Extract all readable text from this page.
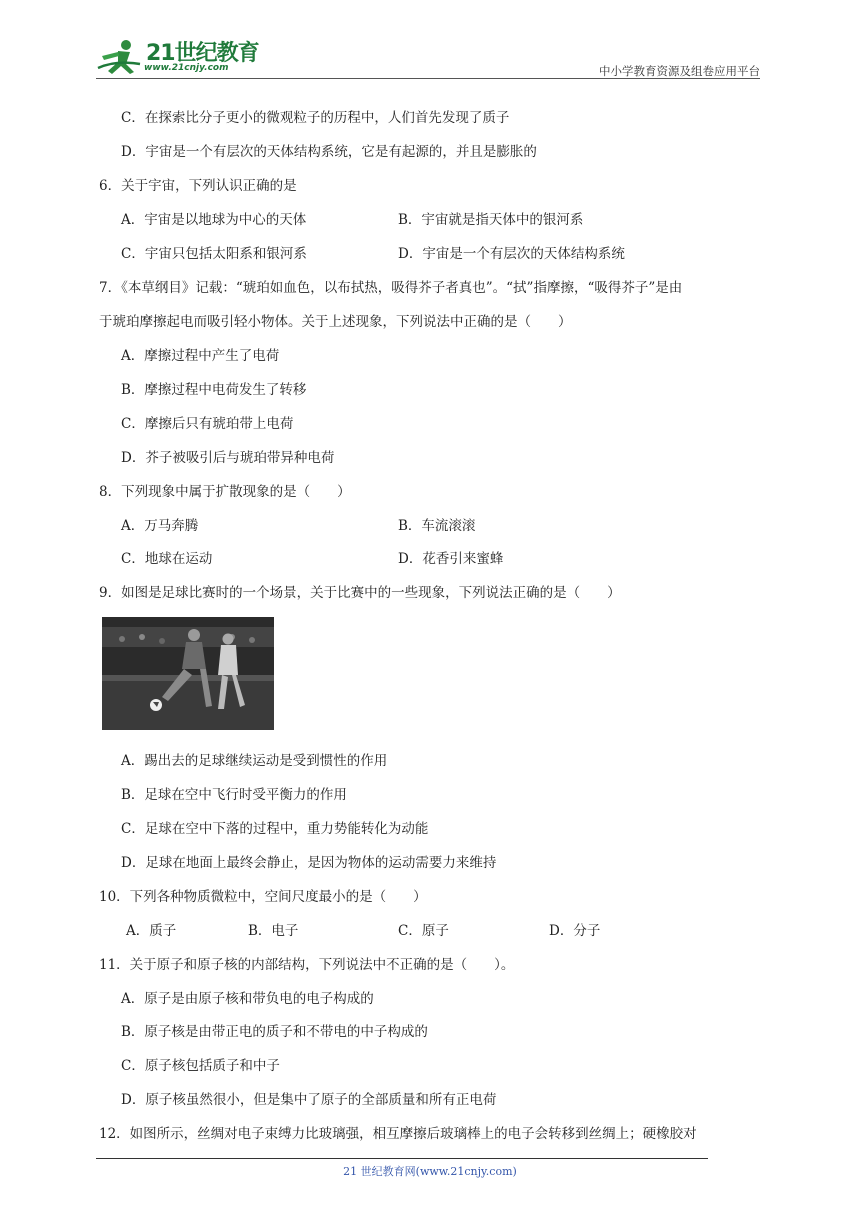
21世纪教育
www.21cnjy.com	中小学教育资源及组卷应用平台
C．在探索比分子更小的微观粒子的历程中，人们首先发现了质子
D．宇宙是一个有层次的天体结构系统，它是有起源的，并且是膨胀的
6．关于宇宙，下列认识正确的是
A．宇宙是以地球为中心的天体	B．宇宙就是指天体中的银河系
C．宇宙只包括太阳系和银河系	D．宇宙是一个有层次的天体结构系统
7．《本草纲目》记载：“琥珀如血色，以布拭热，吸得芥子者真也”。“拭”指摩擦，“吸得芥子”是由
于琥珀摩擦起电而吸引轻小物体。关于上述现象，下列说法中正确的是（　　）
A．摩擦过程中产生了电荷
B．摩擦过程中电荷发生了转移
C．摩擦后只有琥珀带上电荷
D．芥子被吸引后与琥珀带异种电荷
8．下列现象中属于扩散现象的是（　　）
A．万马奔腾	B．车流滚滚
C．地球在运动	D．花香引来蜜蜂
9．如图是足球比赛时的一个场景，关于比赛中的一些现象，下列说法正确的是（　　）
A．踢出去的足球继续运动是受到惯性的作用
B．足球在空中飞行时受平衡力的作用
C．足球在空中下落的过程中，重力势能转化为动能
D．足球在地面上最终会静止，是因为物体的运动需要力来维持
10．下列各种物质微粒中，空间尺度最小的是（　　）
A．质子	B．电子	C．原子	D．分子
11．关于原子和原子核的内部结构，下列说法中不正确的是（　　）。
A．原子是由原子核和带负电的电子构成的
B．原子核是由带正电的质子和不带电的中子构成的
C．原子核包括质子和中子
D．原子核虽然很小，但是集中了原子的全部质量和所有正电荷
12．如图所示，丝绸对电子束缚力比玻璃强，相互摩擦后玻璃棒上的电子会转移到丝绸上；硬橡胶对
21 世纪教育网(www.21cnjy.com)
